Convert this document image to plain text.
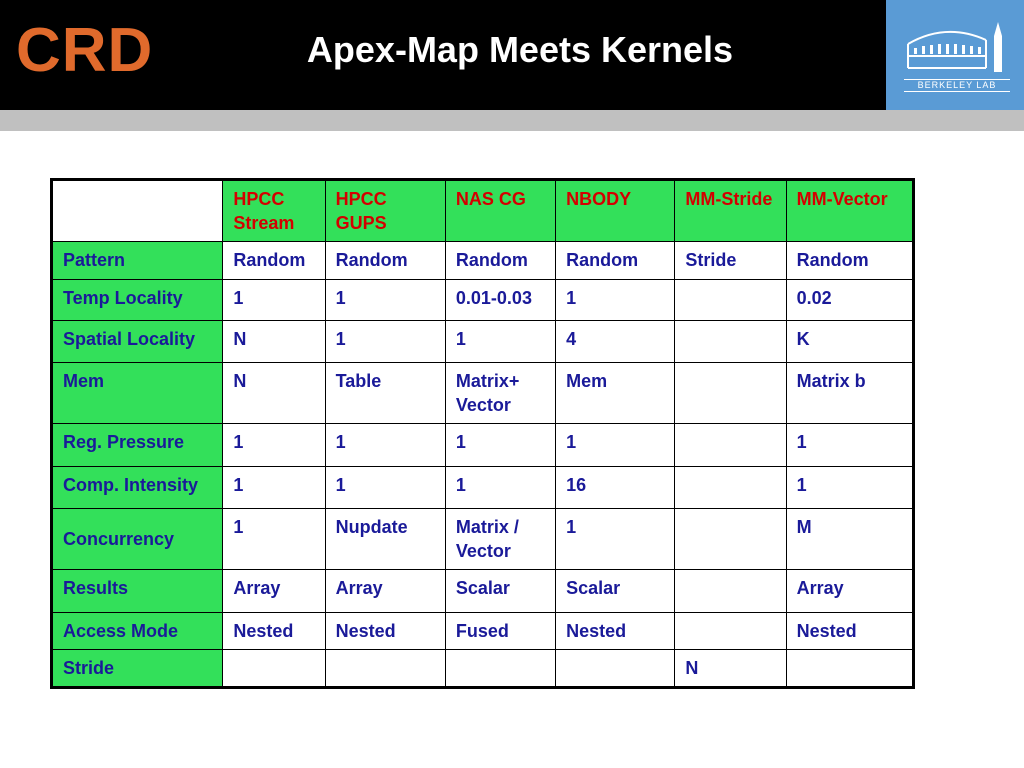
CRD	Apex-Map Meets Kernels
BERKELEY LAB
	HPCC Stream	HPCC GUPS	NAS CG	NBODY	MM-Stride	MM-Vector
Pattern	Random	Random	Random	Random	Stride	Random
Temp Locality	1	1	0.01-0.03	1		0.02
Spatial Locality	N	1	1	4		K
Mem	N	Table	Matrix+ Vector	Mem		Matrix b
Reg. Pressure	1	1	1	1		1
Comp. Intensity	1	1	1	16		1
Concurrency	1	Nupdate	Matrix / Vector	1		M
Results	Array	Array	Scalar	Scalar		Array
Access Mode	Nested	Nested	Fused	Nested		Nested
Stride					N	
